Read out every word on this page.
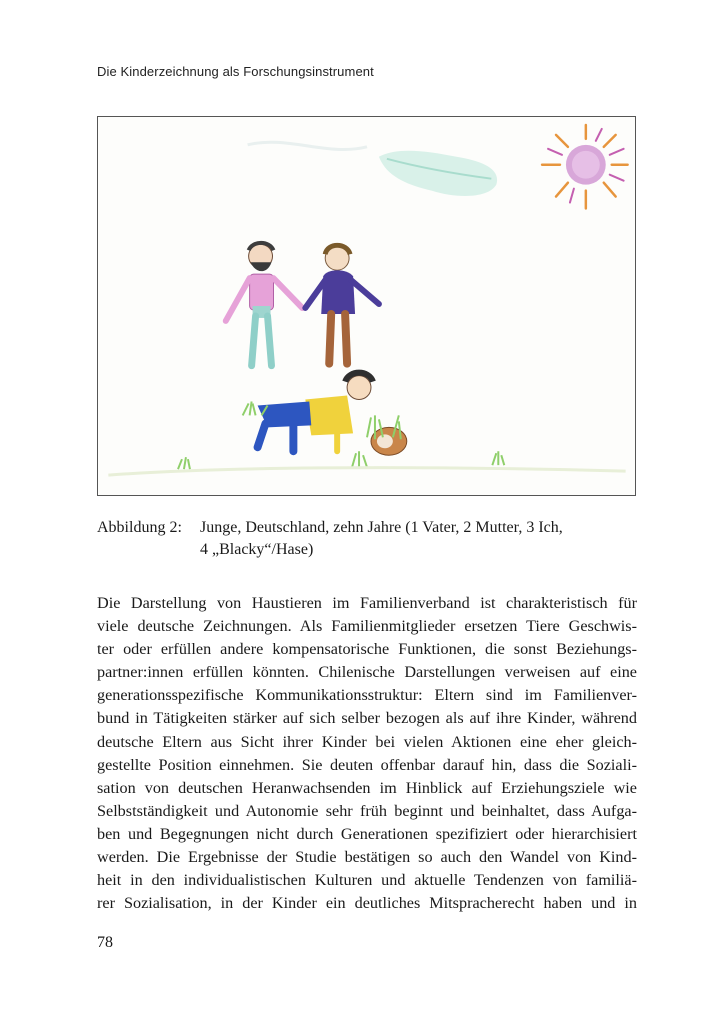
Die Kinderzeichnung als Forschungsinstrument
Abbildung 2: Junge, Deutschland, zehn Jahre (1 Vater, 2 Mutter, 3 Ich,
4 „Blacky“/Hase)
Die Darstellung von Haustieren im Familienverband ist charakteristisch für
viele deutsche Zeichnungen. Als Familienmitglieder ersetzen Tiere Geschwis-
ter oder erfüllen andere kompensatorische Funktionen, die sonst Beziehungs-
partner:innen erfüllen könnten. Chilenische Darstellungen verweisen auf eine
generationsspezifische Kommunikationsstruktur: Eltern sind im Familienver-
bund in Tätigkeiten stärker auf sich selber bezogen als auf ihre Kinder, während
deutsche Eltern aus Sicht ihrer Kinder bei vielen Aktionen eine eher gleich-
gestellte Position einnehmen. Sie deuten offenbar darauf hin, dass die Soziali-
sation von deutschen Heranwachsenden im Hinblick auf Erziehungsziele wie
Selbstständigkeit und Autonomie sehr früh beginnt und beinhaltet, dass Aufga-
ben und Begegnungen nicht durch Generationen spezifiziert oder hierarchisiert
werden. Die Ergebnisse der Studie bestätigen so auch den Wandel von Kind-
heit in den individualistischen Kulturen und aktuelle Tendenzen von familiä-
rer Sozialisation, in der Kinder ein deutliches Mitspracherecht haben und in
78
